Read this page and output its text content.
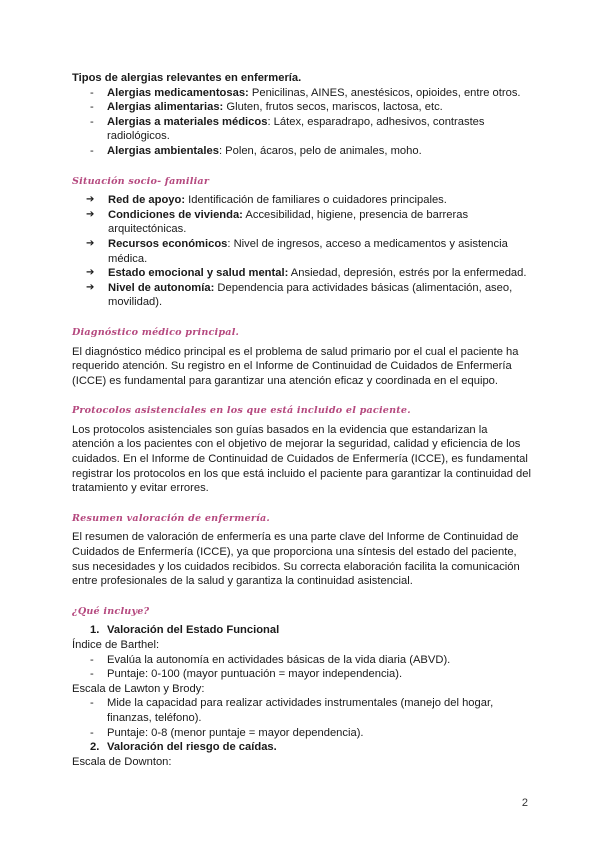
Tipos de alergias relevantes en enfermería.

- Alergias medicamentosas: Penicilinas, AINES, anestésicos, opioides, entre otros.
- Alergias alimentarias: Gluten, frutos secos, mariscos, lactosa, etc.
- Alergias a materiales médicos: Látex, esparadrapo, adhesivos, contrastes radiológicos.
- Alergias ambientales: Polen, ácaros, pelo de animales, moho.

Situación socio- familiar

➔ Red de apoyo: Identificación de familiares o cuidadores principales.
➔ Condiciones de vivienda: Accesibilidad, higiene, presencia de barreras arquitectónicas.
➔ Recursos económicos: Nivel de ingresos, acceso a medicamentos y asistencia médica.
➔ Estado emocional y salud mental: Ansiedad, depresión, estrés por la enfermedad.
➔ Nivel de autonomía: Dependencia para actividades básicas (alimentación, aseo, movilidad).

Diagnóstico médico principal.

El diagnóstico médico principal es el problema de salud primario por el cual el paciente ha requerido atención. Su registro en el Informe de Continuidad de Cuidados de Enfermería (ICCE) es fundamental para garantizar una atención eficaz y coordinada en el equipo.

Protocolos asistenciales en los que está incluido el paciente.

Los protocolos asistenciales son guías basados en la evidencia que estandarizan la atención a los pacientes con el objetivo de mejorar la seguridad, calidad y eficiencia de los cuidados. En el Informe de Continuidad de Cuidados de Enfermería (ICCE), es fundamental registrar los protocolos en los que está incluido el paciente para garantizar la continuidad del tratamiento y evitar errores.

Resumen valoración de enfermería.

El resumen de valoración de enfermería es una parte clave del Informe de Continuidad de Cuidados de Enfermería (ICCE), ya que proporciona una síntesis del estado del paciente, sus necesidades y los cuidados recibidos. Su correcta elaboración facilita la comunicación entre profesionales de la salud y garantiza la continuidad asistencial.

¿Qué incluye?

1. Valoración del Estado Funcional

Índice de Barthel:

- Evalúa la autonomía en actividades básicas de la vida diaria (ABVD).
- Puntaje: 0-100 (mayor puntuación = mayor independencia).

Escala de Lawton y Brody:

- Mide la capacidad para realizar actividades instrumentales (manejo del hogar, finanzas, teléfono).
- Puntaje: 0-8 (menor puntaje = mayor dependencia).
2. Valoración del riesgo de caídas.

Escala de Downton:

2
